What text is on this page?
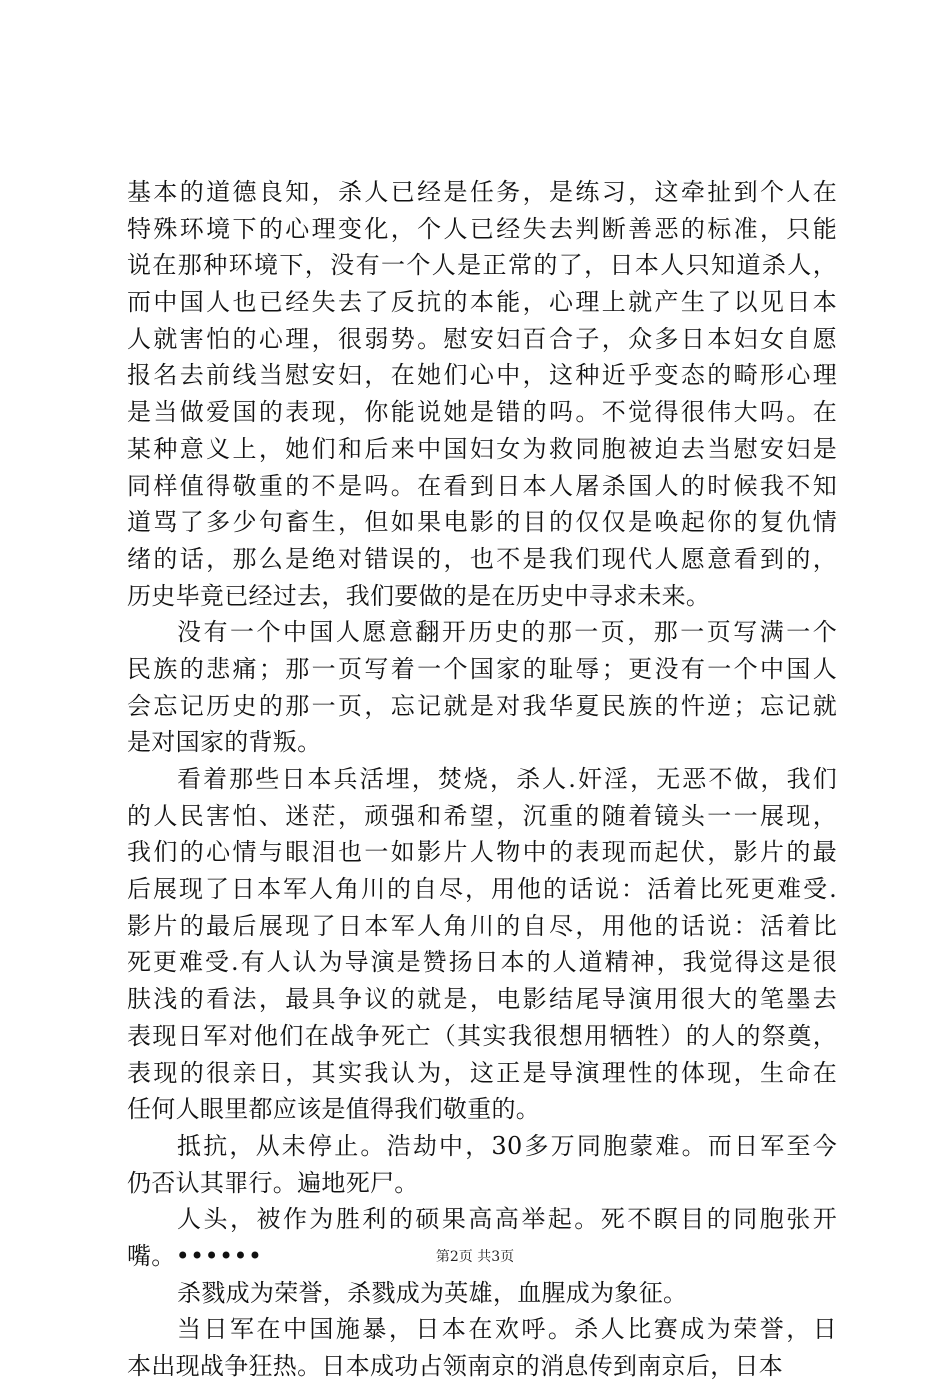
基本的道德良知，杀人已经是任务，是练习，这牵扯到个人在
特殊环境下的心理变化，个人已经失去判断善恶的标准，只能
说在那种环境下，没有一个人是正常的了，日本人只知道杀人，
而中国人也已经失去了反抗的本能，心理上就产生了以见日本
人就害怕的心理，很弱势。慰安妇百合子，众多日本妇女自愿
报名去前线当慰安妇，在她们心中，这种近乎变态的畸形心理
是当做爱国的表现，你能说她是错的吗。不觉得很伟大吗。在
某种意义上，她们和后来中国妇女为救同胞被迫去当慰安妇是
同样值得敬重的不是吗。在看到日本人屠杀国人的时候我不知
道骂了多少句畜生，但如果电影的目的仅仅是唤起你的复仇情
绪的话，那么是绝对错误的，也不是我们现代人愿意看到的，
历史毕竟已经过去，我们要做的是在历史中寻求未来。
没有一个中国人愿意翻开历史的那一页，那一页写满一个
民族的悲痛；那一页写着一个国家的耻辱；更没有一个中国人
会忘记历史的那一页，忘记就是对我华夏民族的忤逆；忘记就
是对国家的背叛。
看着那些日本兵活埋，焚烧，杀人.奸淫，无恶不做，我们
的人民害怕、迷茫，顽强和希望，沉重的随着镜头一一展现，
我们的心情与眼泪也一如影片人物中的表现而起伏，影片的最
后展现了日本军人角川的自尽，用他的话说：活着比死更难受.
影片的最后展现了日本军人角川的自尽，用他的话说：活着比
死更难受.有人认为导演是赞扬日本的人道精神，我觉得这是很
肤浅的看法，最具争议的就是，电影结尾导演用很大的笔墨去
表现日军对他们在战争死亡（其实我很想用牺牲）的人的祭奠，
表现的很亲日，其实我认为，这正是导演理性的体现，生命在
任何人眼里都应该是值得我们敬重的。
抵抗，从未停止。浩劫中，30多万同胞蒙难。而日军至今
仍否认其罪行。遍地死尸。
人头，被作为胜利的硕果高高举起。死不瞑目的同胞张开
嘴。••••••
杀戮成为荣誉，杀戮成为英雄，血腥成为象征。
当日军在中国施暴，日本在欢呼。杀人比赛成为荣誉，日
本出现战争狂热。日本成功占领南京的消息传到南京后，日本
第2页 共3页
